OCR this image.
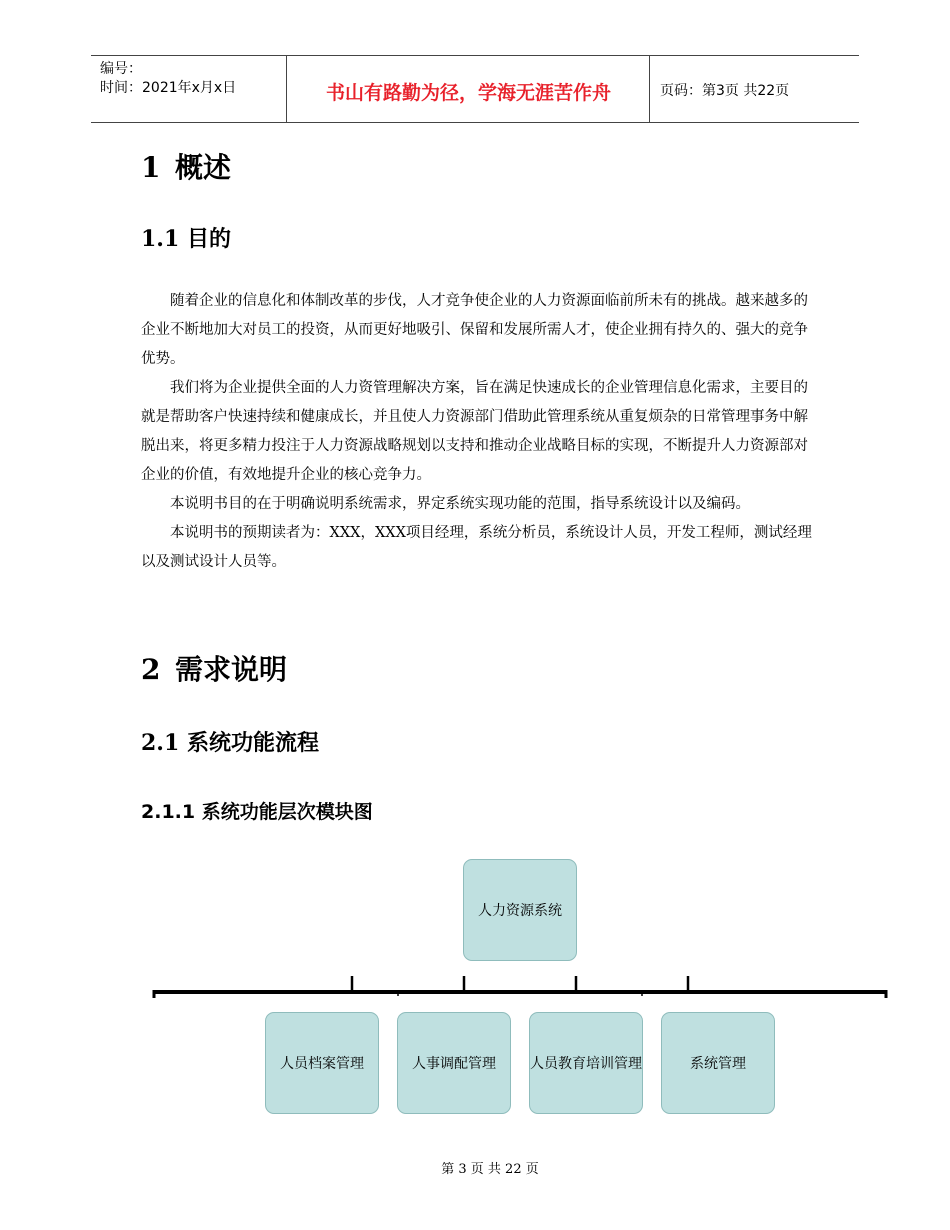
编号：
时间：2021年x月x日	书山有路勤为径，学海无涯苦作舟	页码：第3页 共22页
1 概述
1.1 目的

随着企业的信息化和体制改革的步伐，人才竞争使企业的人力资源面临前所未有的挑战。越来越多的企业不断地加大对员工的投资，从而更好地吸引、保留和发展所需人才，使企业拥有持久的、强大的竞争优势。

我们将为企业提供全面的人力资管理解决方案，旨在满足快速成长的企业管理信息化需求，主要目的就是帮助客户快速持续和健康成长，并且使人力资源部门借助此管理系统从重复烦杂的日常管理事务中解脱出来，将更多精力投注于人力资源战略规划以支持和推动企业战略目标的实现，不断提升人力资源部对企业的价值，有效地提升企业的核心竞争力。

本说明书目的在于明确说明系统需求，界定系统实现功能的范围，指导系统设计以及编码。

本说明书的预期读者为：XXX，XXX项目经理，系统分析员，系统设计人员，开发工程师，测试经理以及测试设计人员等。

2 需求说明
2.1 系统功能流程
2.1.1 系统功能层次模块图
人力资源系统
人员档案管理	人事调配管理	人员教育培训管理	系统管理
第 3 页 共 22 页
